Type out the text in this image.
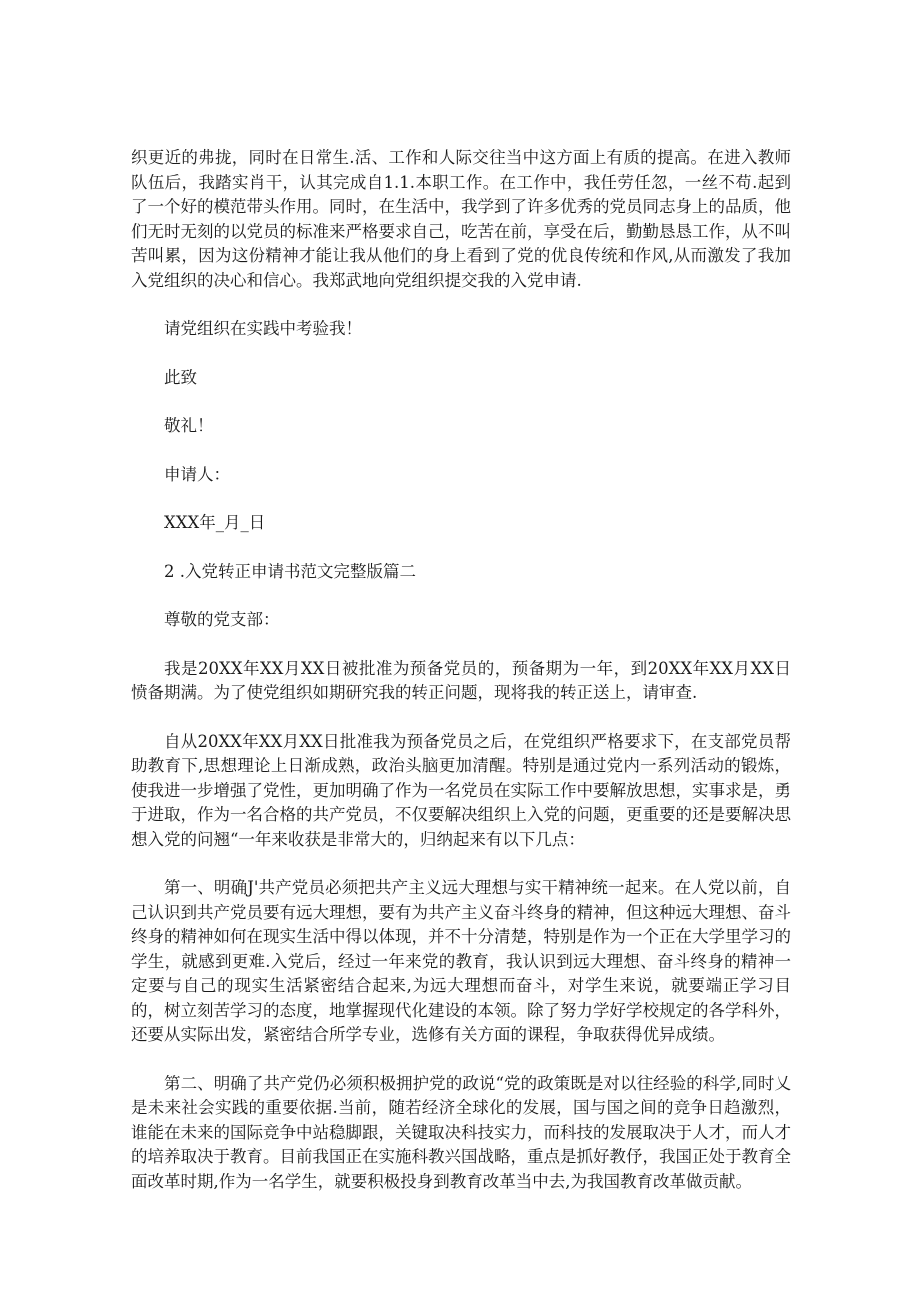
织更近的弗拢，同时在日常生.活、工作和人际交往当中这方面上有质的提高。在进入教师队伍后，我踏实肖干，认其完成自1.1.本职工作。在工作中，我任劳任忽，一丝不苟.起到了一个好的模范带头作用。同时，在生活中，我学到了许多优秀的党员同志身上的品质，他们无时无刻的以党员的标准来严格要求自己，吃苦在前，享受在后，勤勤恳恳工作，从不叫苦叫累，因为这份精神才能让我从他们的身上看到了党的优良传统和作风,从而激发了我加入党组织的决心和信心。我郑武地向党组织提交我的入党申请.

请党组织在实践中考验我！

此致

敬礼！

申请人：

XXX年_月_日

2 .入党转正申请书范文完整版篇二

尊敬的党支部：

我是20XX年XX月XX日被批准为预备党员的，预备期为一年，到20XX年XX月XX日愤备期满。为了使党组织如期研究我的转正问题，现将我的转正送上，请审查.

自从20XX年XX月XX日批准我为预备党员之后，在党组织严格要求下，在支部党员帮助教育下,思想理论上日渐成熟，政治头脑更加清醒。特别是通过党内一系列活动的锻炼，使我进一步增强了党性，更加明确了作为一名党员在实际工作中要解放思想，实事求是，勇于进取，作为一名合格的共产党员，不仅要解决组织上入党的问题，更重要的还是要解决思想入党的问翘“一年来收获是非常大的，归纳起来有以下几点：

第一、明确J'共产党员必须把共产主义远大理想与实干精神统一起来。在人党以前，自己认识到共产党员要有远大理想，要有为共产主义奋斗终身的精神，但这种远大理想、奋斗终身的精神如何在现实生活中得以体现，并不十分清楚，特别是作为一个正在大学里学习的学生，就感到更难.入党后，经过一年来党的教育，我认识到远大理想、奋斗终身的精神一定要与自己的现实生活紧密结合起来,为远大理想而奋斗，对学生来说，就要端正学习目的，树立刻苦学习的态度，地掌握现代化建设的本领。除了努力学好学校规定的各学科外，还要从实际出发，紧密结合所学专业，选修有关方面的课程，争取获得优异成绩。

第二、明确了共产党仍必须积极拥护党的政说“党的政策既是对以往经验的科学,同时乂是未来社会实践的重要依据.当前，随若经济全球化的发展，国与国之间的竞争日趋激烈，谁能在未来的国际竞争中站稳脚跟，关键取决科技实力，而科技的发展取决于人才，而人才的培养取决于教育。目前我国正在实施科教兴国战略，重点是抓好教伃，我国正处于教育全面改革时期,作为一名学生，就要积极投身到教育改革当中去,为我国教育改革做贡献。
